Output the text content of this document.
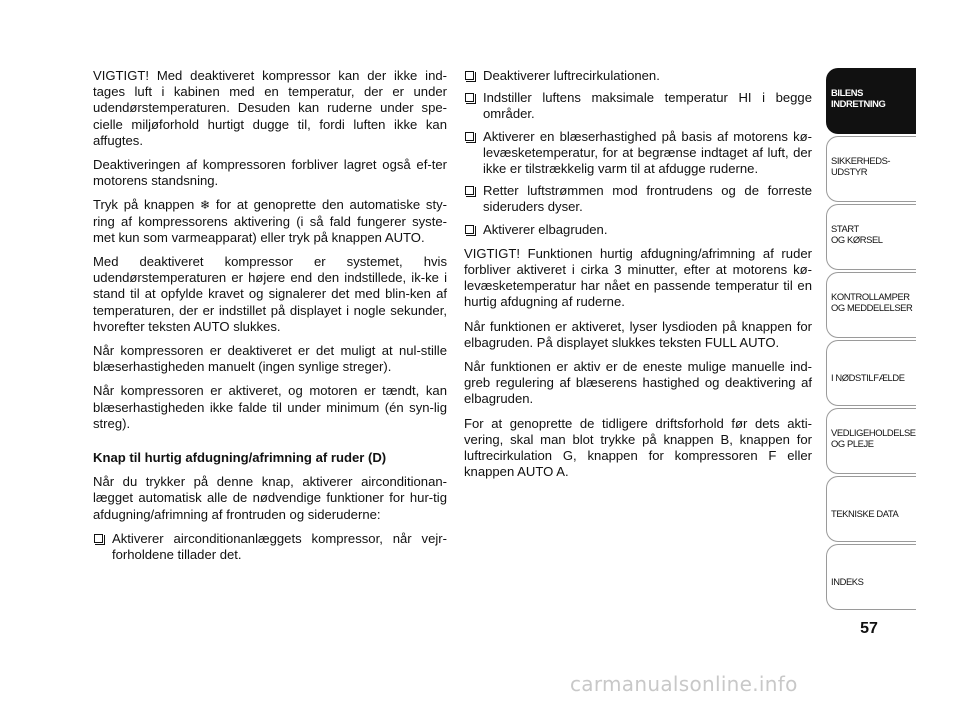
VIGTIGT! Med deaktiveret kompressor kan der ikke ind-tages luft i kabinen med en temperatur, der er under udendørstemperaturen. Desuden kan ruderne under spe-cielle miljøforhold hurtigt dugge til, fordi luften ikke kan affugtes.

Deaktiveringen af kompressoren forbliver lagret også ef-ter motorens standsning.

Tryk på knappen ❄ for at genoprette den automatiske sty-ring af kompressorens aktivering (i så fald fungerer syste-met kun som varmeapparat) eller tryk på knappen AUTO.

Med deaktiveret kompressor er systemet, hvis udendørstemperaturen er højere end den indstillede, ik-ke i stand til at opfylde kravet og signalerer det med blin-ken af temperaturen, der er indstillet på displayet i nogle sekunder, hvorefter teksten AUTO slukkes.

Når kompressoren er deaktiveret er det muligt at nul-stille blæserhastigheden manuelt (ingen synlige streger).

Når kompressoren er aktiveret, og motoren er tændt, kan blæserhastigheden ikke falde til under minimum (én syn-lig streg).

Knap til hurtig afdugning/afrimning af ruder (D)

Når du trykker på denne knap, aktiverer airconditionan-lægget automatisk alle de nødvendige funktioner for hur-tig afdugning/afrimning af frontruden og sideruderne:

Aktiverer airconditionanlæggets kompressor, når vejr-forholdene tillader det.
Deaktiverer luftrecirkulationen.
Indstiller luftens maksimale temperatur HI i begge områder.
Aktiverer en blæserhastighed på basis af motorens kø-levæsketemperatur, for at begrænse indtaget af luft, der ikke er tilstrækkelig varm til at afdugge ruderne.
Retter luftstrømmen mod frontrudens og de forreste sideruders dyser.
Aktiverer elbagruden.

VIGTIGT! Funktionen hurtig afdugning/afrimning af ruder forbliver aktiveret i cirka 3 minutter, efter at motorens kø-levæsketemperatur har nået en passende temperatur til en hurtig afdugning af ruderne.

Når funktionen er aktiveret, lyser lysdioden på knappen for elbagruden. På displayet slukkes teksten FULL AUTO.

Når funktionen er aktiv er de eneste mulige manuelle ind-greb regulering af blæserens hastighed og deaktivering af elbagruden.

For at genoprette de tidligere driftsforhold før dets akti-vering, skal man blot trykke på knappen B, knappen for luftrecirkulation G, knappen for kompressoren F eller knappen AUTO A.

BILENS
INDRETNING
SIKKERHEDS-
UDSTYR
START
OG KØRSEL
KONTROLLAMPER
OG MEDDELELSER
I NØDSTILFÆLDE
VEDLIGEHOLDELSE
OG PLEJE
TEKNISKE DATA
INDEKS
57
carmanualsonline.info
